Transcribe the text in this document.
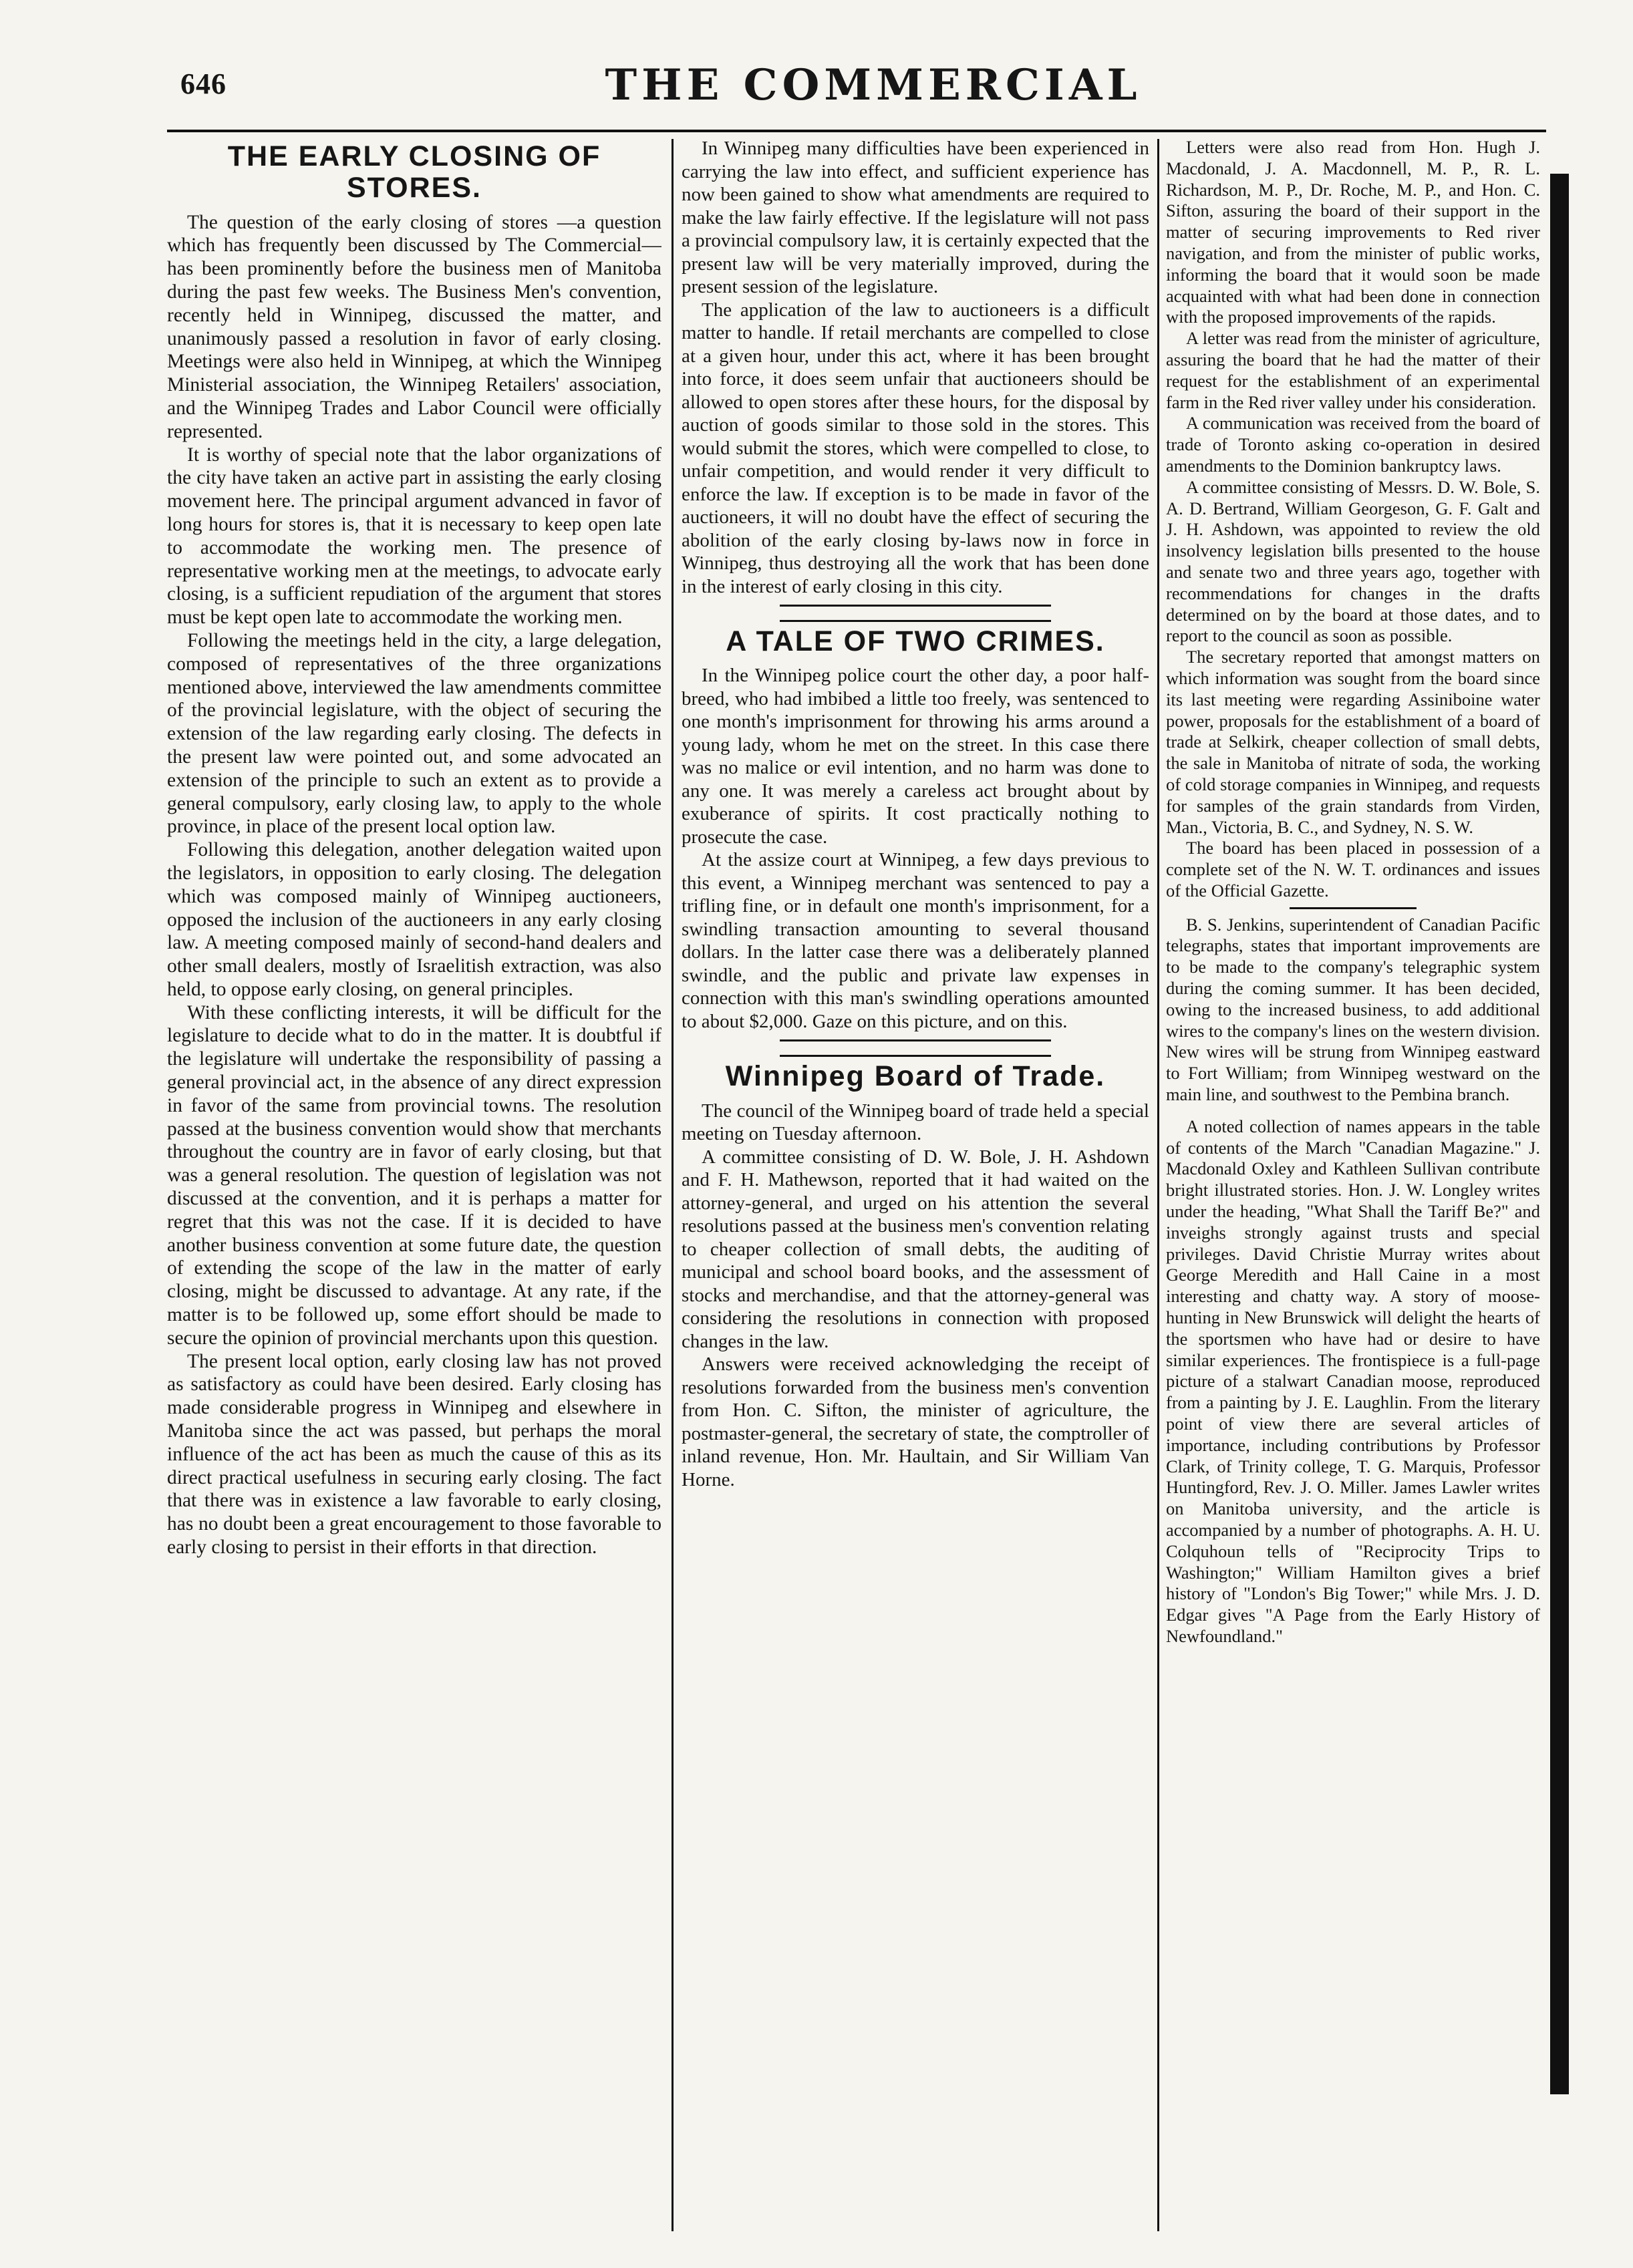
646	THE COMMERCIAL
THE EARLY CLOSING OF STORES.

The question of the early closing of stores —a question which has frequently been discussed by The Commercial—has been prominently before the business men of Manitoba during the past few weeks. The Business Men's convention, recently held in Winnipeg, discussed the matter, and unanimously passed a resolution in favor of early closing. Meetings were also held in Winnipeg, at which the Winnipeg Ministerial association, the Winnipeg Retailers' association, and the Winnipeg Trades and Labor Council were officially represented.

It is worthy of special note that the labor organizations of the city have taken an active part in assisting the early closing movement here. The principal argument advanced in favor of long hours for stores is, that it is necessary to keep open late to accommodate the working men. The presence of representative working men at the meetings, to advocate early closing, is a sufficient repudiation of the argument that stores must be kept open late to accommodate the working men.

Following the meetings held in the city, a large delegation, composed of representatives of the three organizations mentioned above, interviewed the law amendments committee of the provincial legislature, with the object of securing the extension of the law regarding early closing. The defects in the present law were pointed out, and some advocated an extension of the principle to such an extent as to provide a general compulsory, early closing law, to apply to the whole province, in place of the present local option law.

Following this delegation, another delegation waited upon the legislators, in opposition to early closing. The delegation which was composed mainly of Winnipeg auctioneers, opposed the inclusion of the auctioneers in any early closing law. A meeting composed mainly of second-hand dealers and other small dealers, mostly of Israelitish extraction, was also held, to oppose early closing, on general principles.

With these conflicting interests, it will be difficult for the legislature to decide what to do in the matter. It is doubtful if the legislature will undertake the responsibility of passing a general provincial act, in the absence of any direct expression in favor of the same from provincial towns. The resolution passed at the business convention would show that merchants throughout the country are in favor of early closing, but that was a general resolution. The question of legislation was not discussed at the convention, and it is perhaps a matter for regret that this was not the case. If it is decided to have another business convention at some future date, the question of extending the scope of the law in the matter of early closing, might be discussed to advantage. At any rate, if the matter is to be followed up, some effort should be made to secure the opinion of provincial merchants upon this question.

The present local option, early closing law has not proved as satisfactory as could have been desired. Early closing has made considerable progress in Winnipeg and elsewhere in Manitoba since the act was passed, but perhaps the moral influence of the act has been as much the cause of this as its direct practical usefulness in securing early closing. The fact that there was in existence a law favorable to early closing, has no doubt been a great encouragement to those favorable to early closing to persist in their efforts in that direction.

In Winnipeg many difficulties have been experienced in carrying the law into effect, and sufficient experience has now been gained to show what amendments are required to make the law fairly effective. If the legislature will not pass a provincial compulsory law, it is certainly expected that the present law will be very materially improved, during the present session of the legislature.

The application of the law to auctioneers is a difficult matter to handle. If retail merchants are compelled to close at a given hour, under this act, where it has been brought into force, it does seem unfair that auctioneers should be allowed to open stores after these hours, for the disposal by auction of goods similar to those sold in the stores. This would submit the stores, which were compelled to close, to unfair competition, and would render it very difficult to enforce the law. If exception is to be made in favor of the auctioneers, it will no doubt have the effect of securing the abolition of the early closing by-laws now in force in Winnipeg, thus destroying all the work that has been done in the interest of early closing in this city.

A TALE OF TWO CRIMES.

In the Winnipeg police court the other day, a poor half-breed, who had imbibed a little too freely, was sentenced to one month's imprisonment for throwing his arms around a young lady, whom he met on the street. In this case there was no malice or evil intention, and no harm was done to any one. It was merely a careless act brought about by exuberance of spirits. It cost practically nothing to prosecute the case.

At the assize court at Winnipeg, a few days previous to this event, a Winnipeg merchant was sentenced to pay a trifling fine, or in default one month's imprisonment, for a swindling transaction amounting to several thousand dollars. In the latter case there was a deliberately planned swindle, and the public and private law expenses in connection with this man's swindling operations amounted to about $2,000. Gaze on this picture, and on this.

Winnipeg Board of Trade.

The council of the Winnipeg board of trade held a special meeting on Tuesday afternoon.

A committee consisting of D. W. Bole, J. H. Ashdown and F. H. Mathewson, reported that it had waited on the attorney-general, and urged on his attention the several resolutions passed at the business men's convention relating to cheaper collection of small debts, the auditing of municipal and school board books, and the assessment of stocks and merchandise, and that the attorney-general was considering the resolutions in connection with proposed changes in the law.

Answers were received acknowledging the receipt of resolutions forwarded from the business men's convention from Hon. C. Sifton, the minister of agriculture, the postmaster-general, the secretary of state, the comptroller of inland revenue, Hon. Mr. Haultain, and Sir William Van Horne.

Letters were also read from Hon. Hugh J. Macdonald, J. A. Macdonnell, M. P., R. L. Richardson, M. P., Dr. Roche, M. P., and Hon. C. Sifton, assuring the board of their support in the matter of securing improvements to Red river navigation, and from the minister of public works, informing the board that it would soon be made acquainted with what had been done in connection with the proposed improvements of the rapids.

A letter was read from the minister of agriculture, assuring the board that he had the matter of their request for the establishment of an experimental farm in the Red river valley under his consideration.

A communication was received from the board of trade of Toronto asking co-operation in desired amendments to the Dominion bankruptcy laws.

A committee consisting of Messrs. D. W. Bole, S. A. D. Bertrand, William Georgeson, G. F. Galt and J. H. Ashdown, was appointed to review the old insolvency legislation bills presented to the house and senate two and three years ago, together with recommendations for changes in the drafts determined on by the board at those dates, and to report to the council as soon as possible.

The secretary reported that amongst matters on which information was sought from the board since its last meeting were regarding Assiniboine water power, proposals for the establishment of a board of trade at Selkirk, cheaper collection of small debts, the sale in Manitoba of nitrate of soda, the working of cold storage companies in Winnipeg, and requests for samples of the grain standards from Virden, Man., Victoria, B. C., and Sydney, N. S. W.

The board has been placed in possession of a complete set of the N. W. T. ordinances and issues of the Official Gazette.

B. S. Jenkins, superintendent of Canadian Pacific telegraphs, states that important improvements are to be made to the company's telegraphic system during the coming summer. It has been decided, owing to the increased business, to add additional wires to the company's lines on the western division. New wires will be strung from Winnipeg eastward to Fort William; from Winnipeg westward on the main line, and southwest to the Pembina branch.

A noted collection of names appears in the table of contents of the March "Canadian Magazine." J. Macdonald Oxley and Kathleen Sullivan contribute bright illustrated stories. Hon. J. W. Longley writes under the heading, "What Shall the Tariff Be?" and inveighs strongly against trusts and special privileges. David Christie Murray writes about George Meredith and Hall Caine in a most interesting and chatty way. A story of moose-hunting in New Brunswick will delight the hearts of the sportsmen who have had or desire to have similar experiences. The frontispiece is a full-page picture of a stalwart Canadian moose, reproduced from a painting by J. E. Laughlin. From the literary point of view there are several articles of importance, including contributions by Professor Clark, of Trinity college, T. G. Marquis, Professor Huntingford, Rev. J. O. Miller. James Lawler writes on Manitoba university, and the article is accompanied by a number of photographs. A. H. U. Colquhoun tells of "Reciprocity Trips to Washington;" William Hamilton gives a brief history of "London's Big Tower;" while Mrs. J. D. Edgar gives "A Page from the Early History of Newfoundland."
